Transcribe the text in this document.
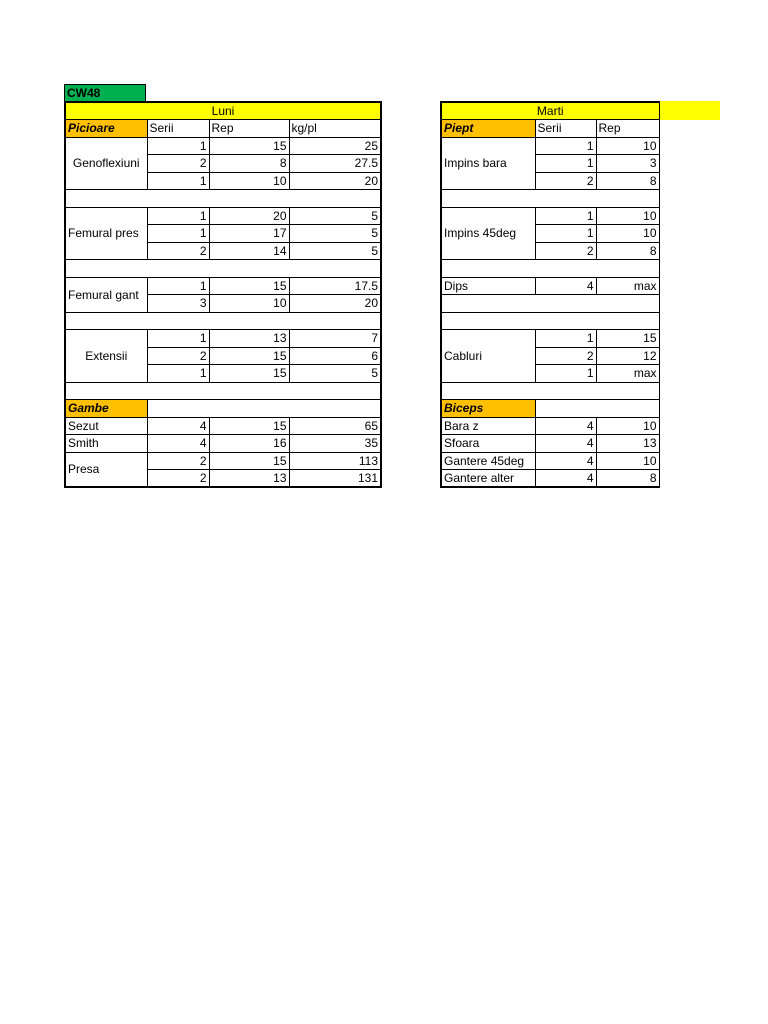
CW48
Luni			
Picioare	Serii	Rep	kg/pl
Genoflexiuni	1	15	25
	2	8	27.5
	1	10	20

Femural pres	1	20	5
	1	17	5
	2	14	5

Femural gant	1	15	17.5
	3	10	20

Extensii	1	13	7
	2	15	6
	1	15	5

Gambe			
Sezut	4	15	65
Smith	4	16	35
Presa	2	15	113
	2	13	131
Marti		
Piept	Serii	Rep
Impins bara	1	10
	1	3
	2	8

Impins 45deg	1	10
	1	10
	2	8

Dips	4	max

Cabluri	1	15
	2	12
	1	max

Biceps		
Bara z	4	10
Sfoara	4	13
Gantere 45deg	4	10
Gantere alter	4	8
